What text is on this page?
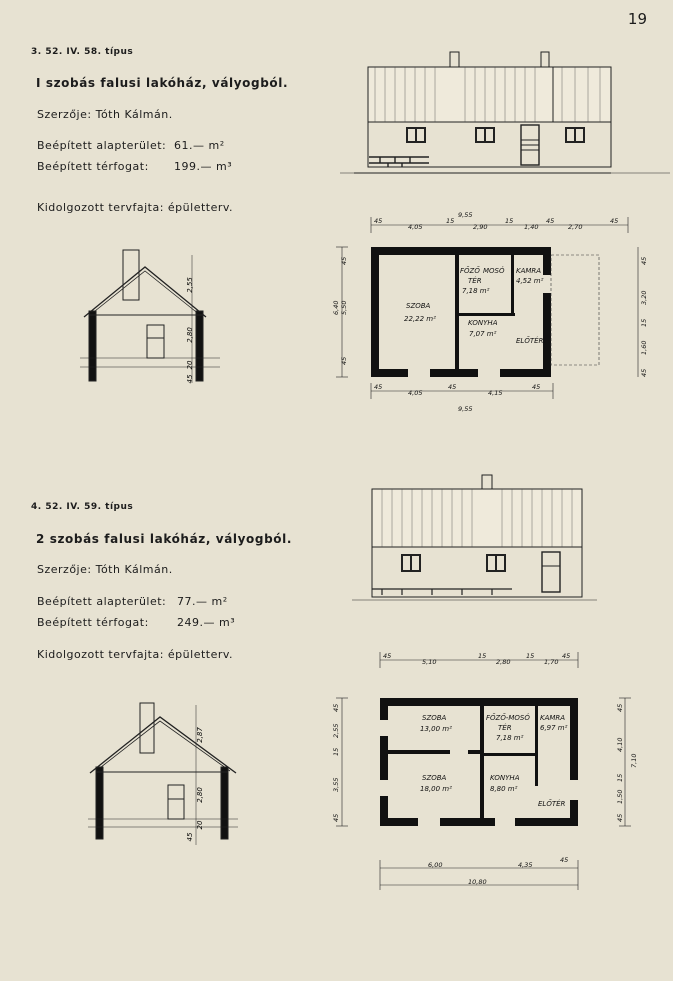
19
3. 52. IV. 58. típus
I szobás falusi lakóház, vályogból.
Szerzője: Tóth Kálmán.
Beépített alapterület: 61.— m²
Beépített térfogat: 199.— m³
Kidolgozott tervfajta: épületterv.
2,55
2,80
20
45
SZOBA
22,22 m²
FŐZŐ MOSÓ
TÉR
7,18 m²
KAMRA
4,52 m²
KONYHA
7,07 m²
ELŐTÉR
45
4,05
15
2,90
15
1,40
45
2,70
45
9,55
45
4,05
45
4,15
45
9,55
45
5,50
6,40
45
45
3,20
15
1,60
45
4. 52. IV. 59. típus
2 szobás falusi lakóház, vályogból.
Szerzője: Tóth Kálmán.
Beépített alapterület: 77.— m²
Beépített térfogat:	249.— m³
Kidolgozott tervfajta: épületterv.
2,87
2,80
20
45
SZOBA
13,00 m²
SZOBA
18,00 m²
FŐZŐ-MOSÓ
TÉR
7,18 m²
KAMRA
6,97 m²
KONYHA
8,80 m²
ELŐTÉR
45
5,10
15
2,80
15
1,70
45
6,00	4,35
45
10,80
45
2,55
15
3,55
45
45
4,10
15
1,50
45
7,10
